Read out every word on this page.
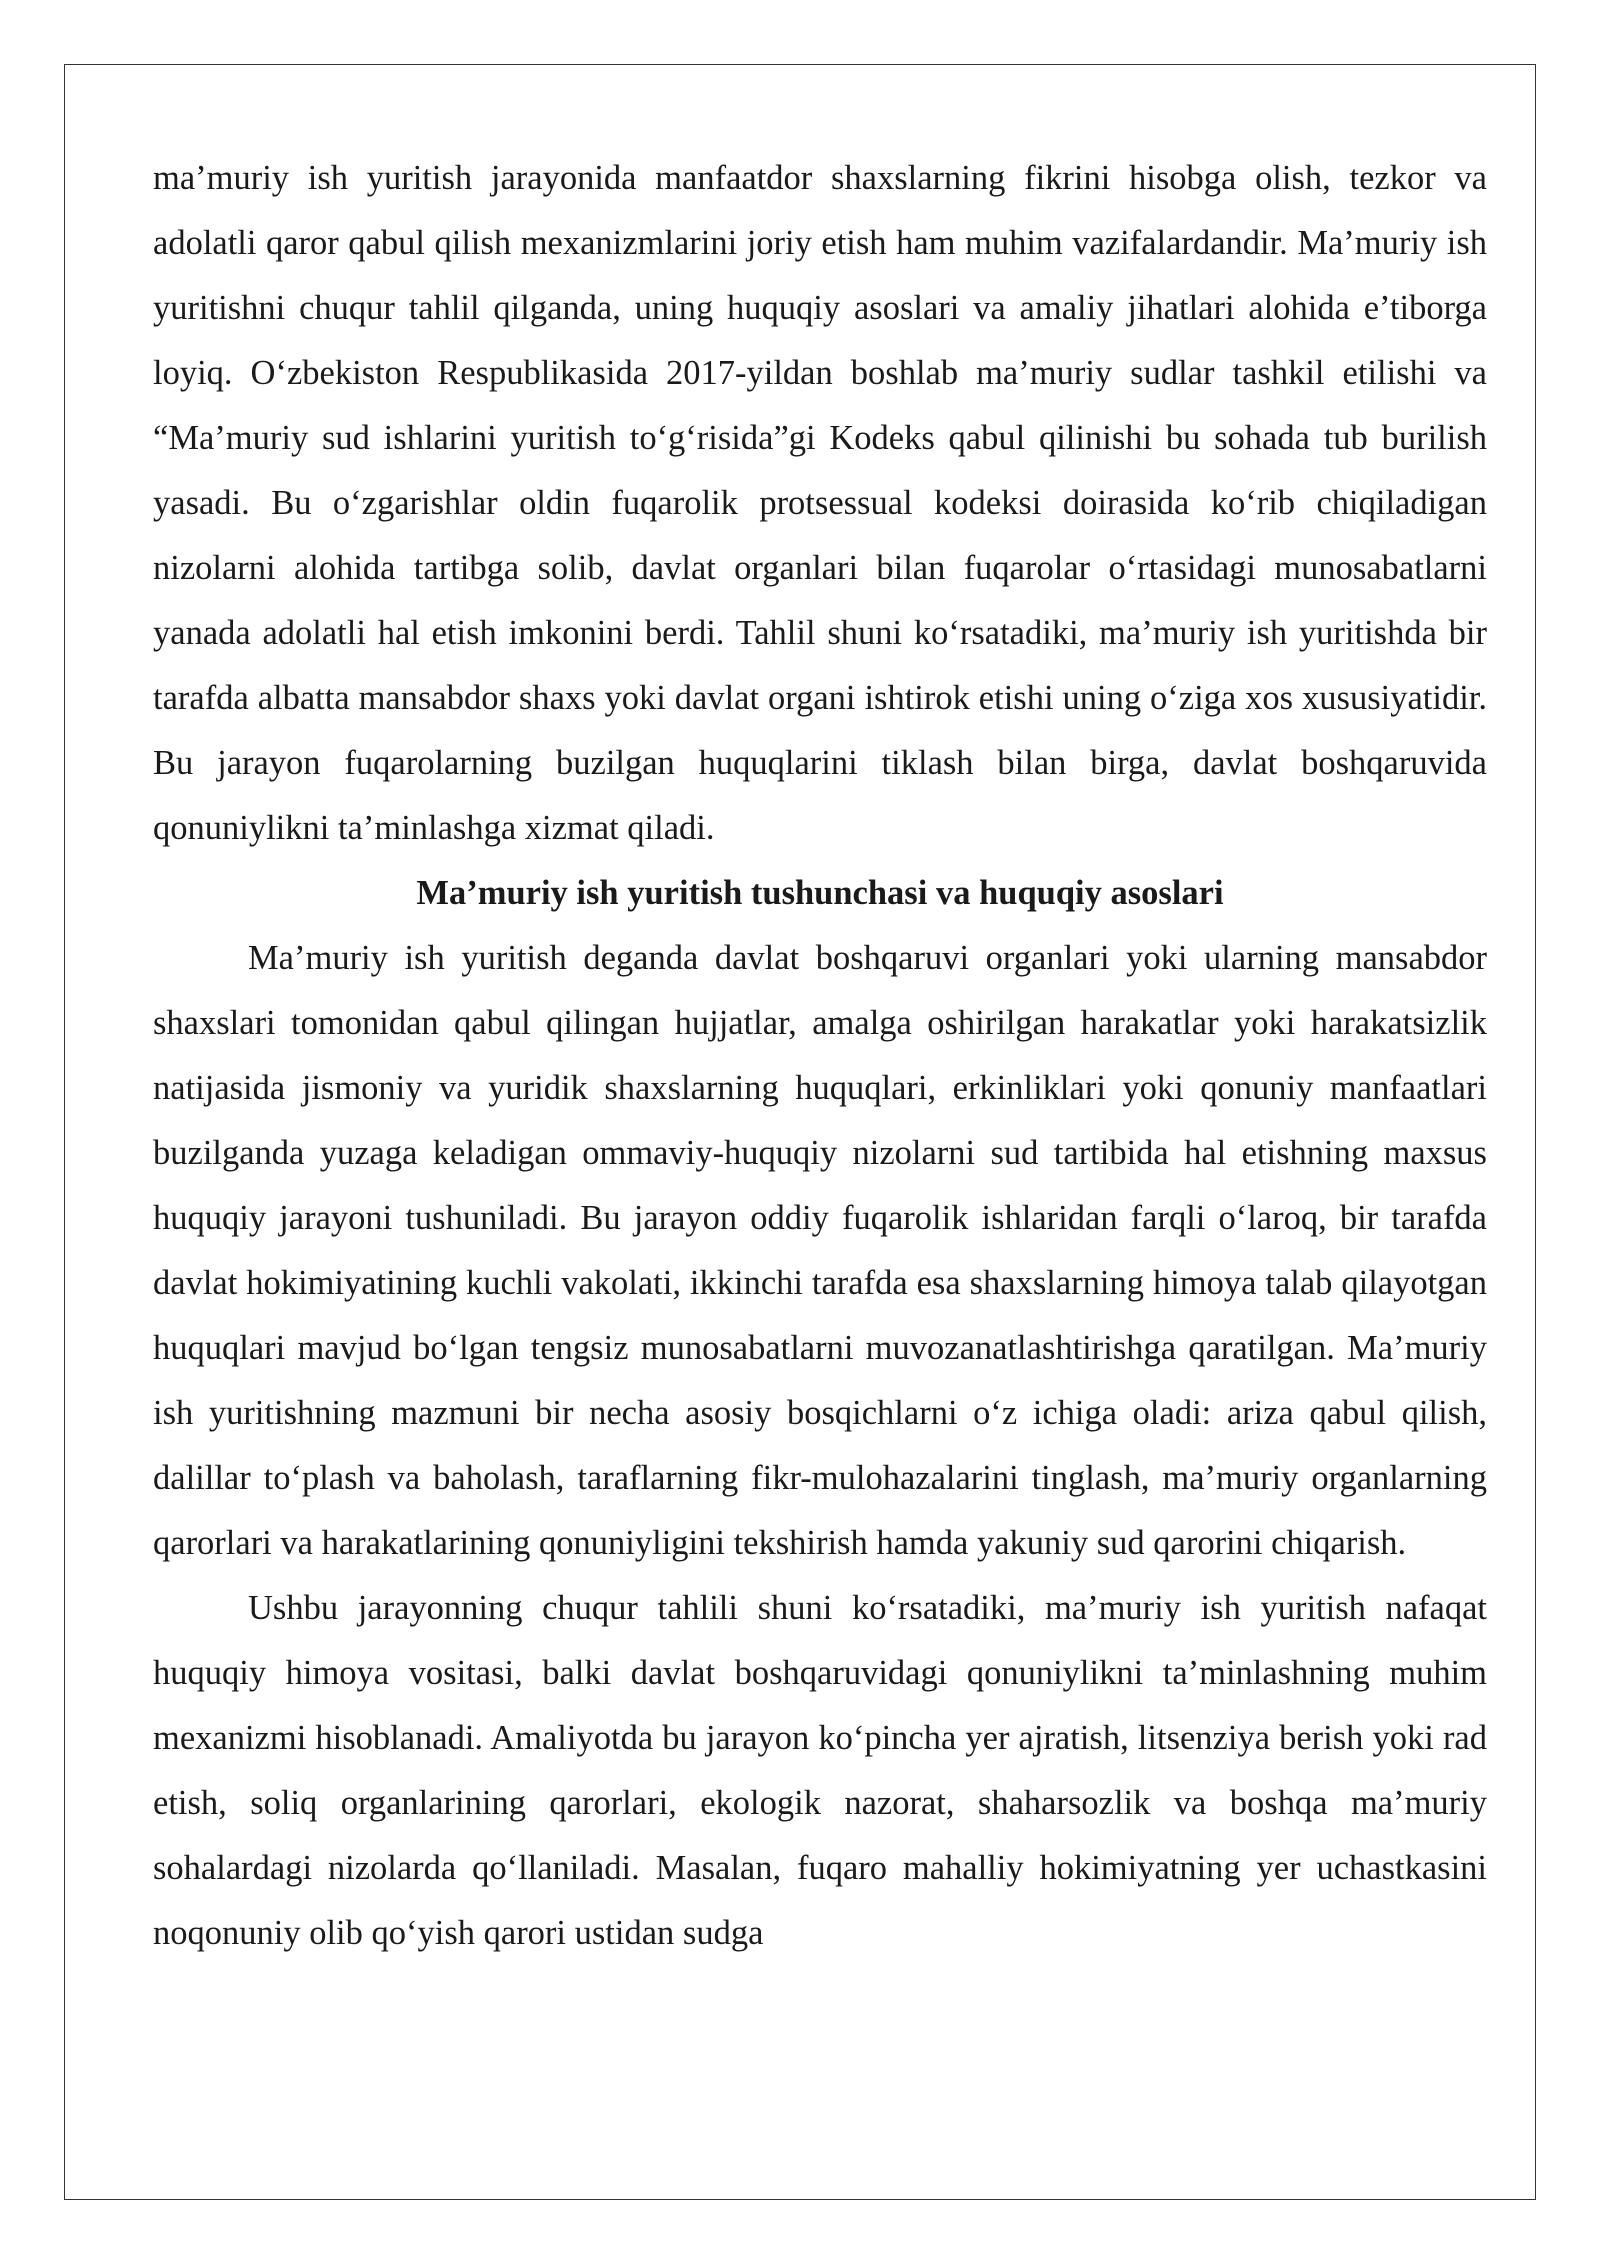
ma’muriy ish yuritish jarayonida manfaatdor shaxslarning fikrini hisobga olish, tezkor va adolatli qaror qabul qilish mexanizmlarini joriy etish ham muhim vazifalardandir. Ma’muriy ish yuritishni chuqur tahlil qilganda, uning huquqiy asoslari va amaliy jihatlari alohida e’tiborga loyiq. O‘zbekiston Respublikasida 2017-yildan boshlab ma’muriy sudlar tashkil etilishi va “Ma’muriy sud ishlarini yuritish to‘g‘risida”gi Kodeks qabul qilinishi bu sohada tub burilish yasadi. Bu o‘zgarishlar oldin fuqarolik protsessual kodeksi doirasida ko‘rib chiqiladigan nizolarni alohida tartibga solib, davlat organlari bilan fuqarolar o‘rtasidagi munosabatlarni yanada adolatli hal etish imkonini berdi. Tahlil shuni ko‘rsatadiki, ma’muriy ish yuritishda bir tarafda albatta mansabdor shaxs yoki davlat organi ishtirok etishi uning o‘ziga xos xususiyatidir. Bu jarayon fuqarolarning buzilgan huquqlarini tiklash bilan birga, davlat boshqaruvida qonuniylikni ta’minlashga xizmat qiladi.

Ma’muriy ish yuritish tushunchasi va huquqiy asoslari

Ma’muriy ish yuritish deganda davlat boshqaruvi organlari yoki ularning mansabdor shaxslari tomonidan qabul qilingan hujjatlar, amalga oshirilgan harakatlar yoki harakatsizlik natijasida jismoniy va yuridik shaxslarning huquqlari, erkinliklari yoki qonuniy manfaatlari buzilganda yuzaga keladigan ommaviy-huquqiy nizolarni sud tartibida hal etishning maxsus huquqiy jarayoni tushuniladi. Bu jarayon oddiy fuqarolik ishlaridan farqli o‘laroq, bir tarafda davlat hokimiyatining kuchli vakolati, ikkinchi tarafda esa shaxslarning himoya talab qilayotgan huquqlari mavjud bo‘lgan tengsiz munosabatlarni muvozanatlashtirishga qaratilgan. Ma’muriy ish yuritishning mazmuni bir necha asosiy bosqichlarni o‘z ichiga oladi: ariza qabul qilish, dalillar to‘plash va baholash, taraflarning fikr-mulohazalarini tinglash, ma’muriy organlarning qarorlari va harakatlarining qonuniyligini tekshirish hamda yakuniy sud qarorini chiqarish.

Ushbu jarayonning chuqur tahlili shuni ko‘rsatadiki, ma’muriy ish yuritish nafaqat huquqiy himoya vositasi, balki davlat boshqaruvidagi qonuniylikni ta’minlashning muhim mexanizmi hisoblanadi. Amaliyotda bu jarayon ko‘pincha yer ajratish, litsenziya berish yoki rad etish, soliq organlarining qarorlari, ekologik nazorat, shaharsozlik va boshqa ma’muriy sohalardagi nizolarda qo‘llaniladi. Masalan, fuqaro mahalliy hokimiyatning yer uchastkasini noqonuniy olib qo‘yish qarori ustidan sudga
